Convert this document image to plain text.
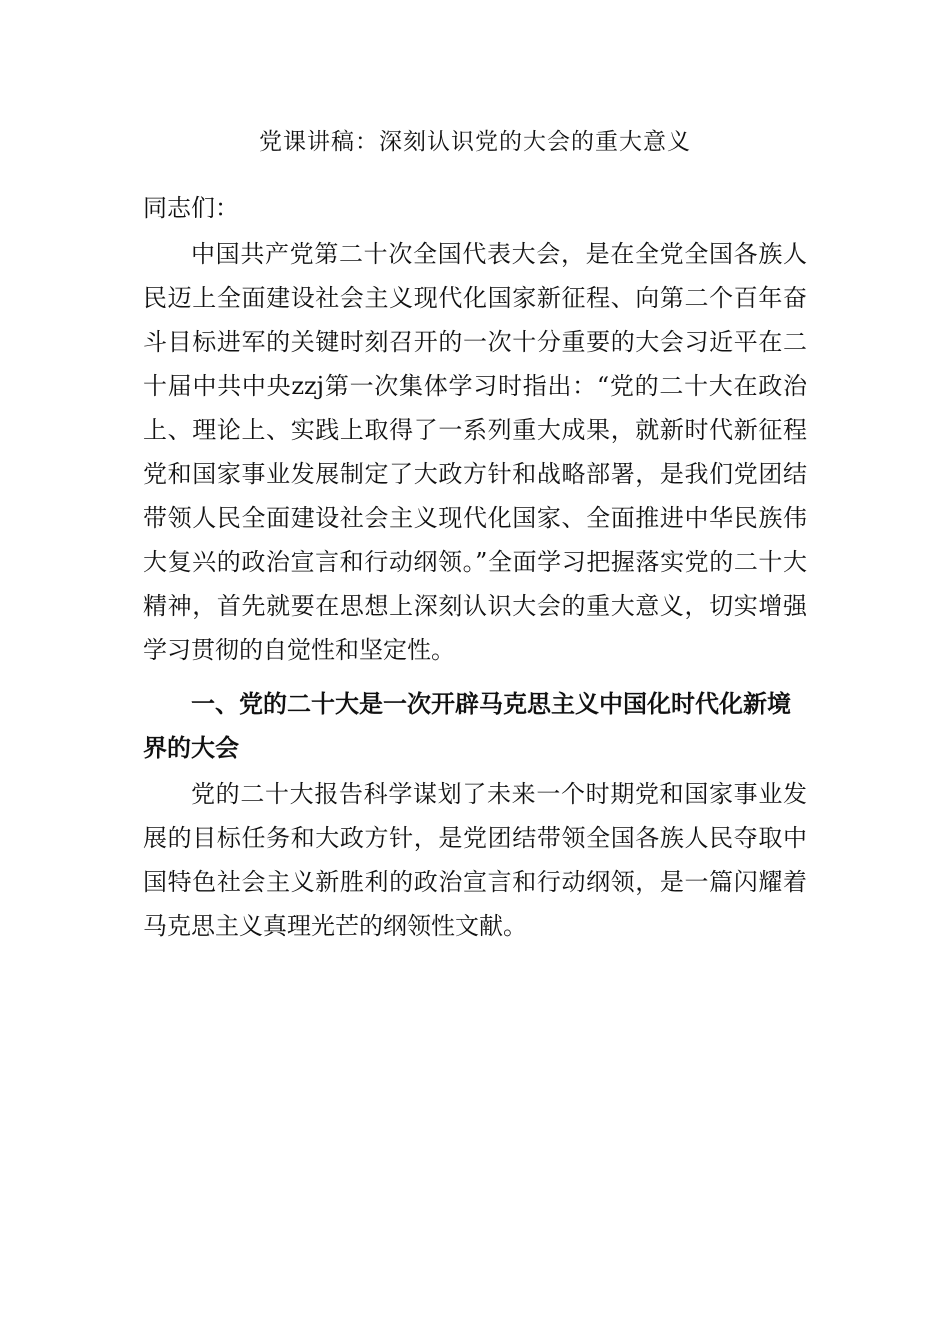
党课讲稿：深刻认识党的大会的重大意义

同志们：

中国共产党第二十次全国代表大会，是在全党全国各族人民迈上全面建设社会主义现代化国家新征程、向第二个百年奋斗目标进军的关键时刻召开的一次十分重要的大会习近平在二十届中共中央zzj第一次集体学习时指出：“党的二十大在政治上、理论上、实践上取得了一系列重大成果，就新时代新征程党和国家事业发展制定了大政方针和战略部署，是我们党团结带领人民全面建设社会主义现代化国家、全面推进中华民族伟大复兴的政治宣言和行动纲领。”全面学习把握落实党的二十大精神，首先就要在思想上深刻认识大会的重大意义，切实增强学习贯彻的自觉性和坚定性。

一、党的二十大是一次开辟马克思主义中国化时代化新境界的大会

党的二十大报告科学谋划了未来一个时期党和国家事业发展的目标任务和大政方针，是党团结带领全国各族人民夺取中国特色社会主义新胜利的政治宣言和行动纲领，是一篇闪耀着马克思主义真理光芒的纲领性文献。
